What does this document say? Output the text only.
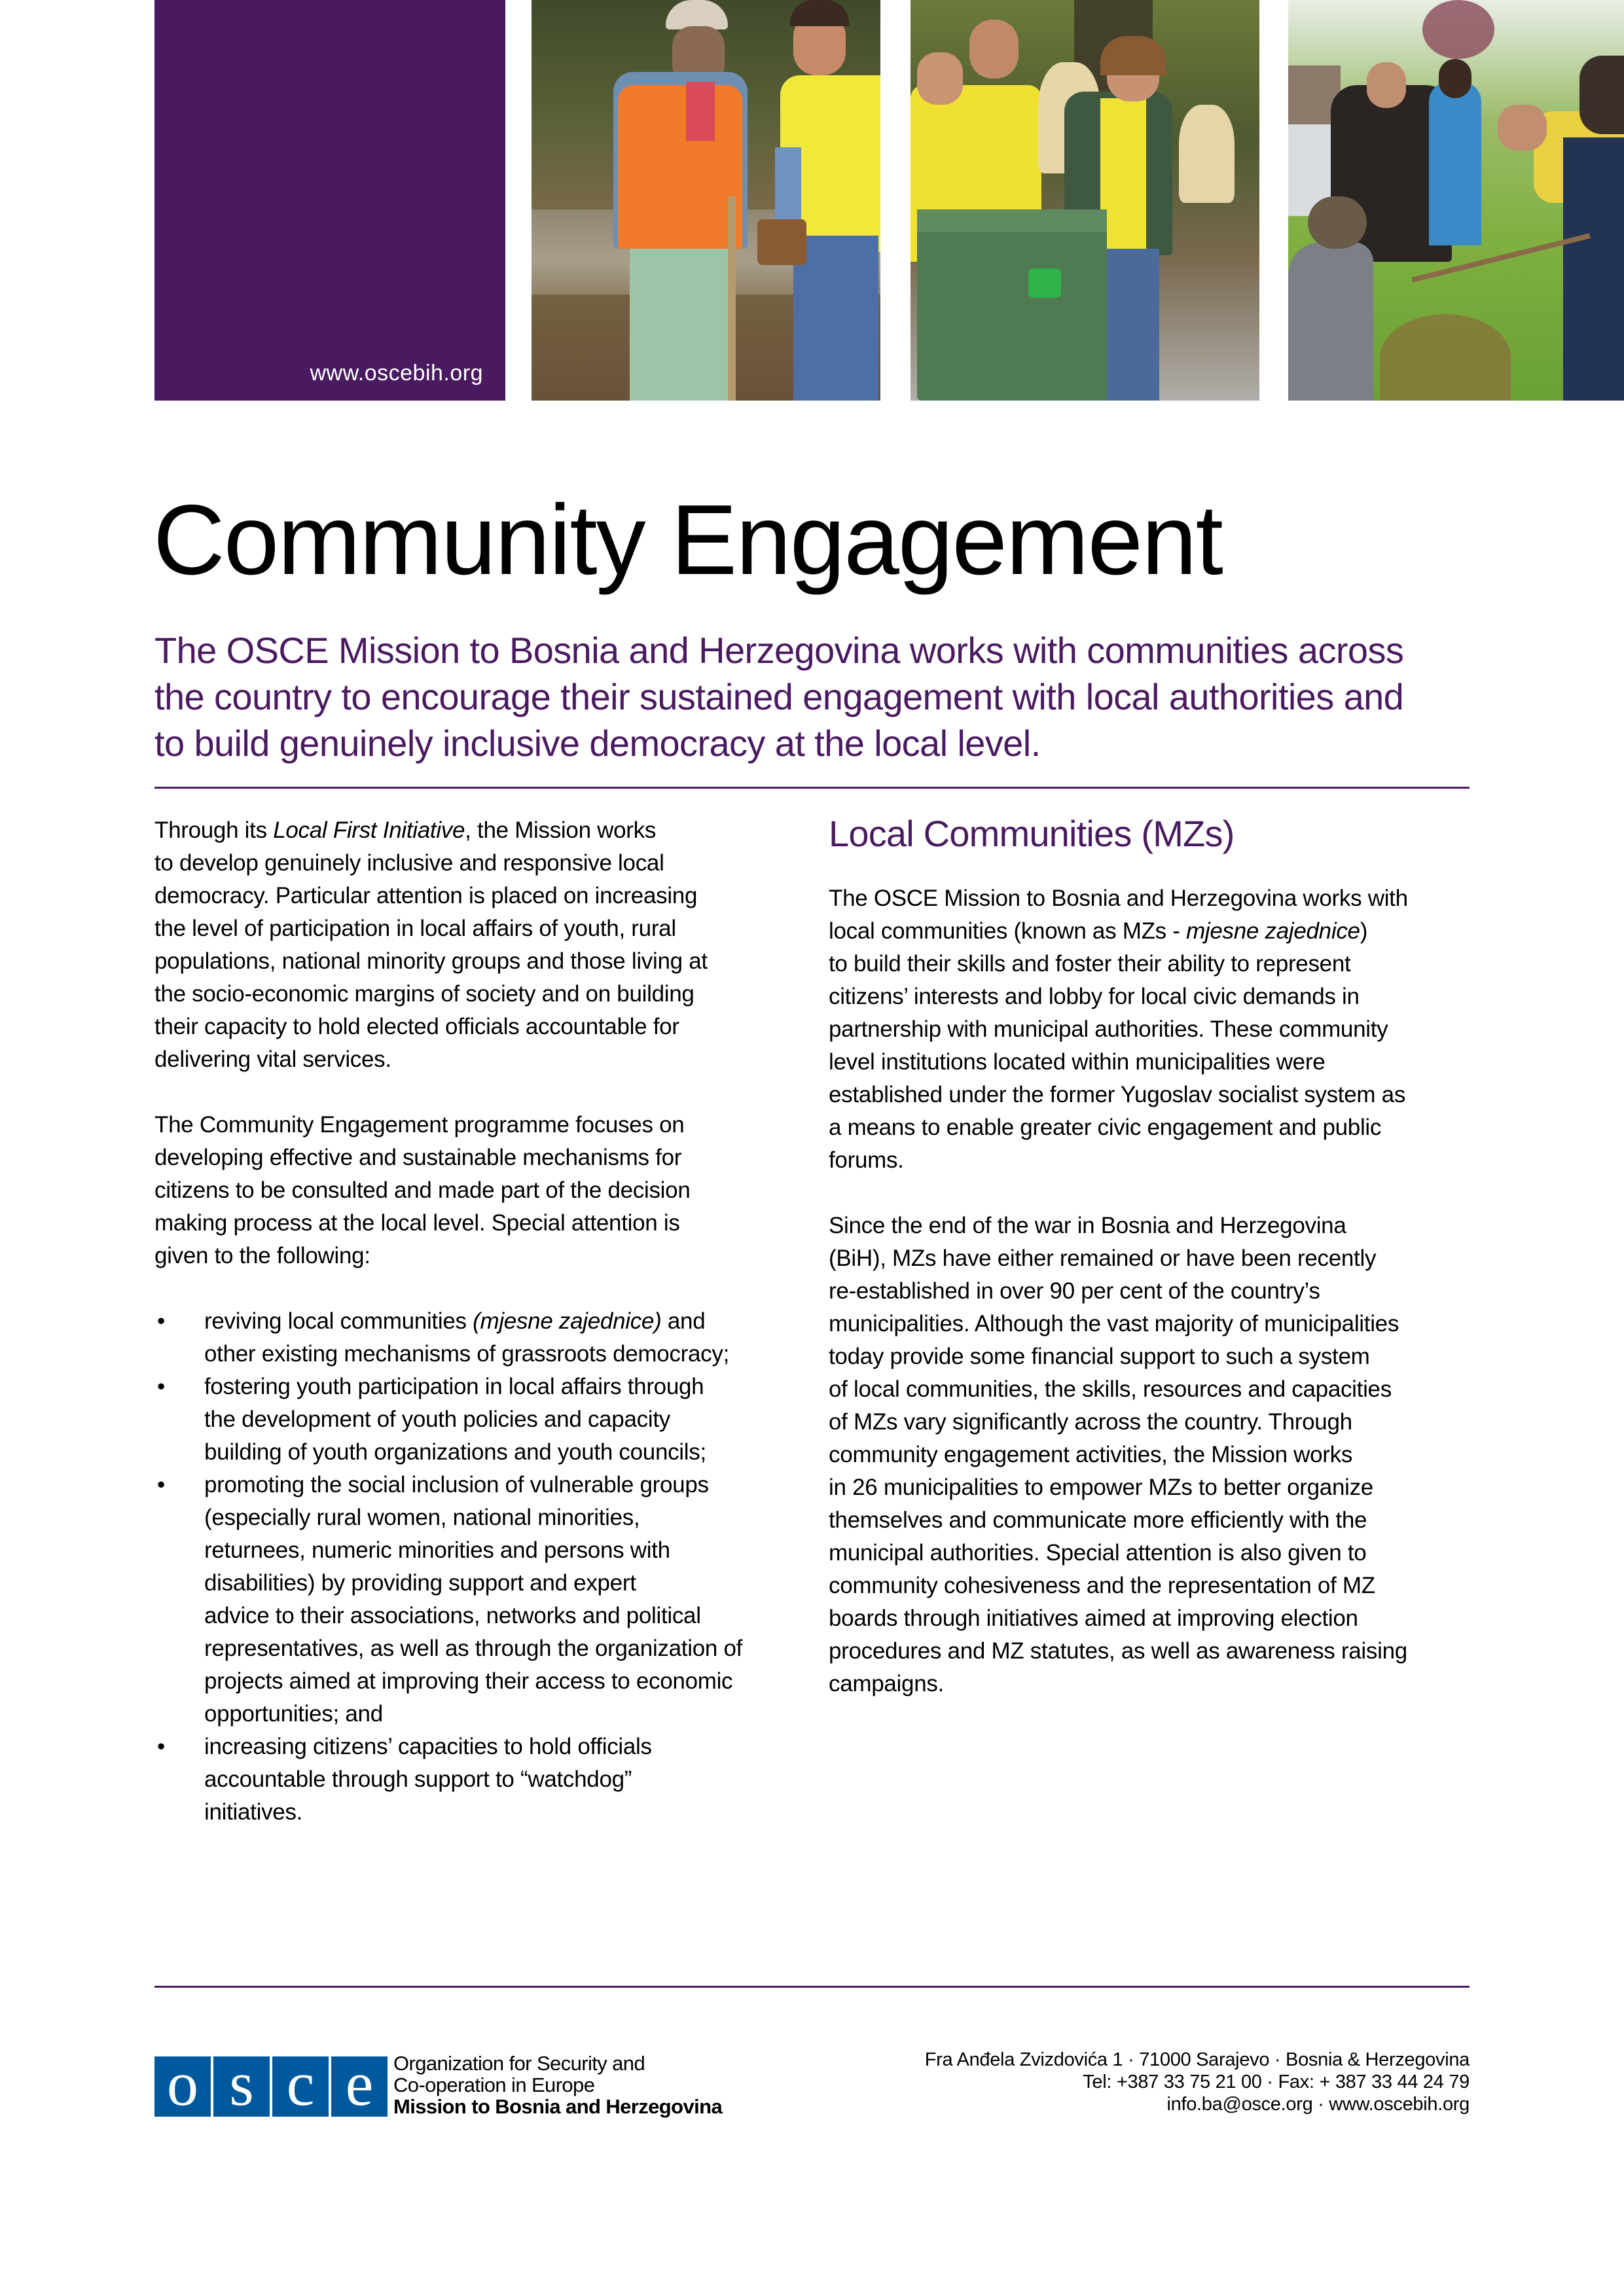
www.oscebih.org
Community Engagement
The OSCE Mission to Bosnia and Herzegovina works with communities across
the country to encourage their sustained engagement with local authorities and
to build genuinely inclusive democracy at the local level.

Through its Local First Initiative, the Mission works
to develop genuinely inclusive and responsive local
democracy. Particular attention is placed on increasing
the level of participation in local affairs of youth, rural
populations, national minority groups and those living at
the socio-economic margins of society and on building
their capacity to hold elected officials accountable for
delivering vital services.

The Community Engagement programme focuses on
developing effective and sustainable mechanisms for
citizens to be consulted and made part of the decision
making process at the local level. Special attention is
given to the following:

• reviving local communities (mjesne zajednice) and
other existing mechanisms of grassroots democracy;
• fostering youth participation in local affairs through
the development of youth policies and capacity
building of youth organizations and youth councils;
• promoting the social inclusion of vulnerable groups
(especially rural women, national minorities,
returnees, numeric minorities and persons with
disabilities) by providing support and expert
advice to their associations, networks and political
representatives, as well as through the organization of
projects aimed at improving their access to economic
opportunities; and
• increasing citizens’ capacities to hold officials
accountable through support to “watchdog”
initiatives.
Local Communities (MZs)

The OSCE Mission to Bosnia and Herzegovina works with
local communities (known as MZs - mjesne zajednice)
to build their skills and foster their ability to represent
citizens’ interests and lobby for local civic demands in
partnership with municipal authorities. These community
level institutions located within municipalities were
established under the former Yugoslav socialist system as
a means to enable greater civic engagement and public
forums.

Since the end of the war in Bosnia and Herzegovina
(BiH), MZs have either remained or have been recently
re-established in over 90 per cent of the country’s
municipalities. Although the vast majority of municipalities
today provide some financial support to such a system
of local communities, the skills, resources and capacities
of MZs vary significantly across the country. Through
community engagement activities, the Mission works
in 26 municipalities to empower MZs to better organize
themselves and communicate more efficiently with the
municipal authorities. Special attention is also given to
community cohesiveness and the representation of MZ
boards through initiatives aimed at improving election
procedures and MZ statutes, as well as awareness raising
campaigns.

o s c e Organization for Security and
Co-operation in Europe
Mission to Bosnia and Herzegovina
Fra Anđela Zvizdovića 1 · 71000 Sarajevo · Bosnia & Herzegovina
Tel: +387 33 75 21 00 · Fax: + 387 33 44 24 79
info.ba@osce.org · www.oscebih.org
